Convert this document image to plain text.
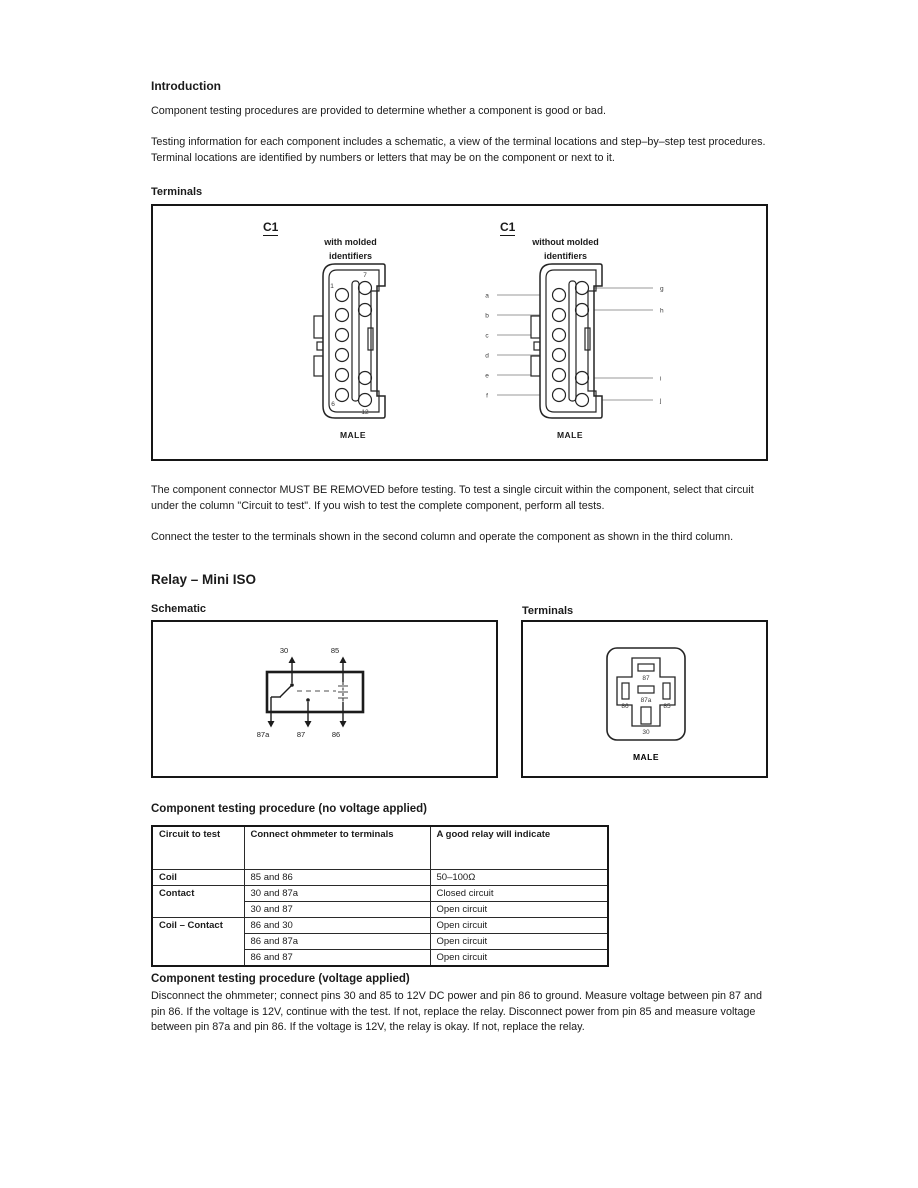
Introduction

Component testing procedures are provided to determine whether a component is good or bad.

Testing information for each component includes a schematic, a view of the terminal locations and step–by–step test procedures. Terminal locations are identified by numbers or letters that may be on the component or next to it.

Terminals
C1
with molded
identifiers
1
7
6
12
MALE
C1
without molded
identifiers
a
b
c
d
e
f
g
h
i
j
MALE

The component connector MUST BE REMOVED before testing. To test a single circuit within the component, select that circuit under the column "Circuit to test". If you wish to test the complete component, perform all tests.

Connect the tester to the terminals shown in the second column and operate the component as shown in the third column.

Relay – Mini ISO
Schematic	Terminals
30	85
87a	87	86
87
87a
86	85
30
MALE
Component testing procedure (no voltage applied)
Circuit to test	Connect ohmmeter to terminals	A good relay will indicate
Coil	85 and 86	50–100Ω
Contact	30 and 87a	Closed circuit
	30 and 87	Open circuit
Coil – Contact	86 and 30	Open circuit
	86 and 87a	Open circuit
	86 and 87	Open circuit
Component testing procedure (voltage applied)

Disconnect the ohmmeter; connect pins 30 and 85 to 12V DC power and pin 86 to ground. Measure voltage between pin 87 and pin 86. If the voltage is 12V, continue with the test. If not, replace the relay. Disconnect power from pin 85 and measure voltage between pin 87a and pin 86. If the voltage is 12V, the relay is okay. If not, replace the relay.
